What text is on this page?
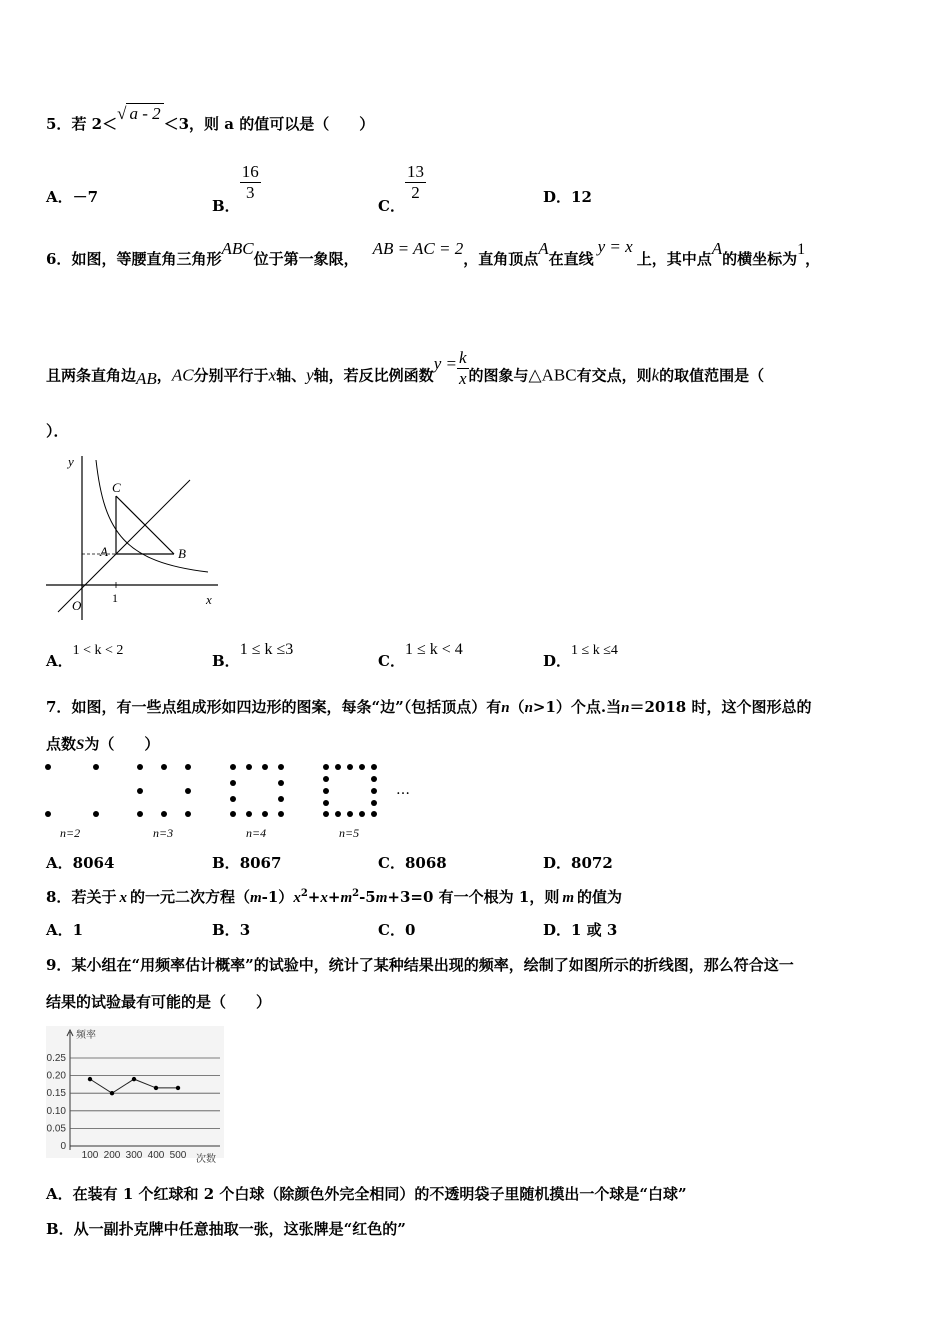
5．若 2＜√ a - 2＜3，则 a 的值可以是（　　）
A．－7	B．
$\frac{16}{3}$
C．
$\frac{13}{2}$	D．12
6．如图，等腰直角三角形ABC位于第一象限，AB = AC = 2，直角顶点A在直线y = x上，其中点A的横坐标为1，
且两条直角边AB，AC分别平行于x轴、y轴，若反比例函数$y = \frac{k}{x}$ 的图象与△ABC有交点，则k的取值范围是（
）．
y
x
O	1
A	B
C
A．1 < k < 2
B．1 ≤ k ≤3
C．1 ≤ k < 4
D．1 ≤ k ≤4
7．如图，有一些点组成形如四边形的图案，每条“边”（包括顶点）有n（n>1）个点.当n＝2018 时，这个图形总的
点数S为（　　）
…
n=2	n=3	n=4	n=5
A．8064	B．8067	C．8068	D．8072
8．若关于 x 的一元二次方程$(m-1)x^2+x+m^2-5m+3=0$ 有一个根为 1，则 m 的值为
A．1	B．3	C．0	D．1 或 3
9．某小组在“用频率估计概率”的试验中，统计了某种结果出现的频率，绘制了如图所示的折线图，那么符合这一
结果的试验最有可能的是（　　）
0
0.05
0.10
0.15
0.20
0.25
频率
次数
100 200 300 400 500
A．在装有 1 个红球和 2 个白球（除颜色外完全相同）的不透明袋子里随机摸出一个球是“白球”
B．从一副扑克牌中任意抽取一张，这张牌是“红色的”
